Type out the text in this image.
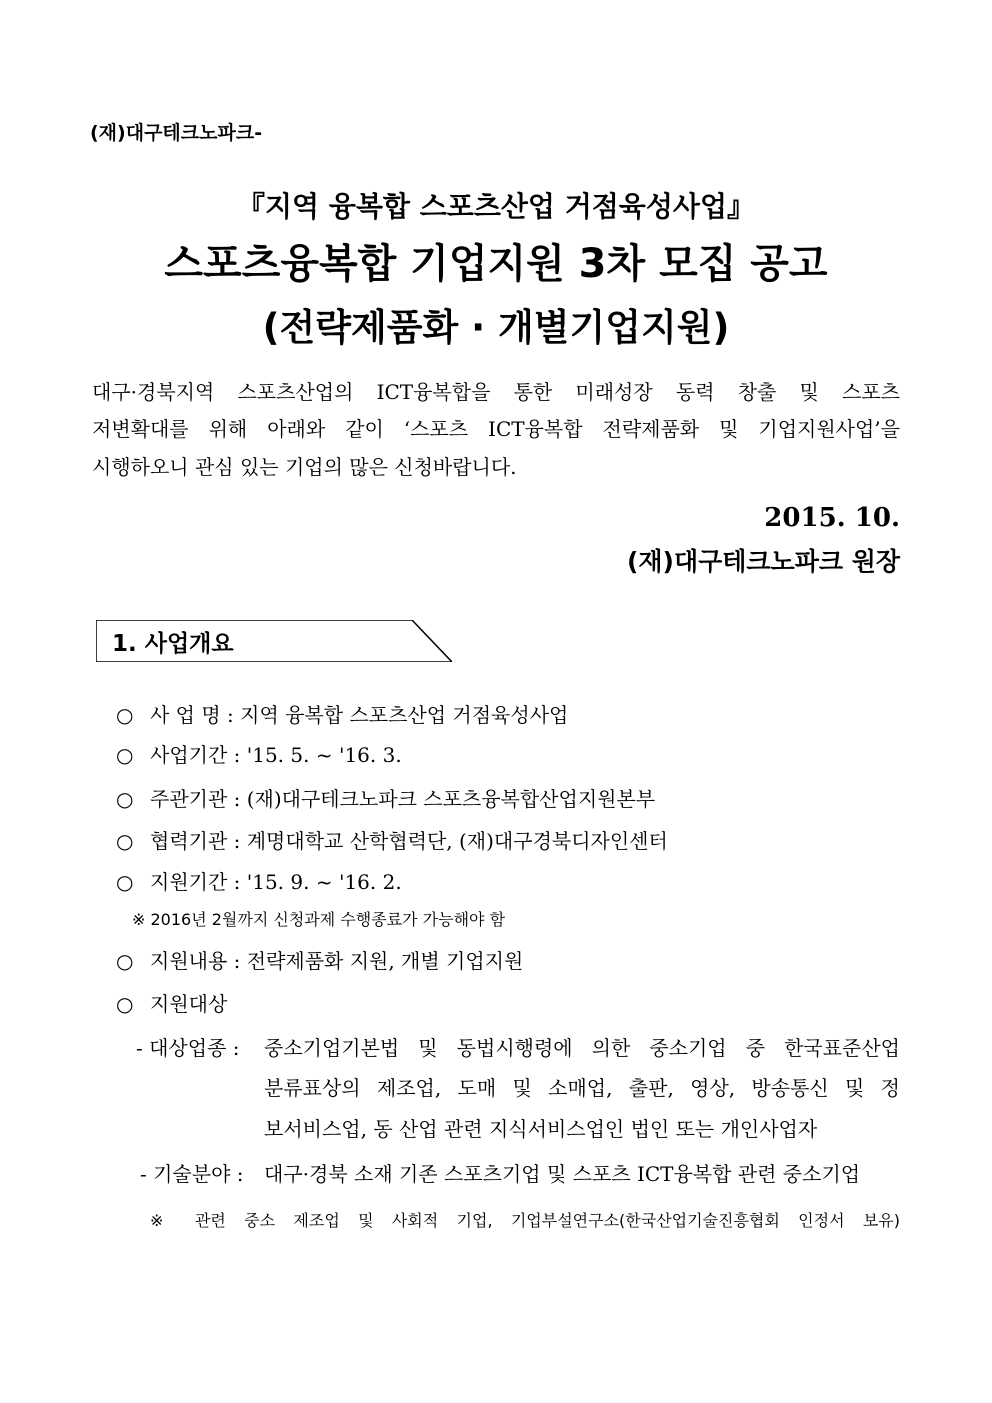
(재)대구테크노파크-
『지역 융복합 스포츠산업 거점육성사업』
스포츠융복합 기업지원 3차 모집 공고
(전략제품화 · 개별기업지원)
대구·경북지역 스포츠산업의 ICT융복합을 통한 미래성장 동력 창출 및 스포츠
저변확대를 위해 아래와 같이 ‘스포츠 ICT융복합 전략제품화 및 기업지원사업’을
시행하오니 관심 있는 기업의 많은 신청바랍니다.
2015. 10.
(재)대구테크노파크 원장
1. 사업개요
○ 사 업 명 : 지역 융복합 스포츠산업 거점육성사업
○ 사업기간 : '15. 5. ~ '16. 3.
○ 주관기관 : (재)대구테크노파크 스포츠융복합산업지원본부
○ 협력기관 : 계명대학교 산학협력단, (재)대구경북디자인센터
○ 지원기간 : '15. 9. ~ '16. 2.
※ 2016년 2월까지 신청과제 수행종료가 가능해야 함
○ 지원내용 : 전략제품화 지원, 개별 기업지원
○ 지원대상
- 대상업종 : 중소기업기본법 및 동법시행령에 의한 중소기업 중 한국표준산업
분류표상의 제조업, 도매 및 소매업, 출판, 영상, 방송통신 및 정
보서비스업, 동 산업 관련 지식서비스업인 법인 또는 개인사업자
- 기술분야 : 대구·경북 소재 기존 스포츠기업 및 스포츠 ICT융복합 관련 중소기업
※ 관련 중소 제조업 및 사회적 기업, 기업부설연구소(한국산업기술진흥협회 인정서 보유)
